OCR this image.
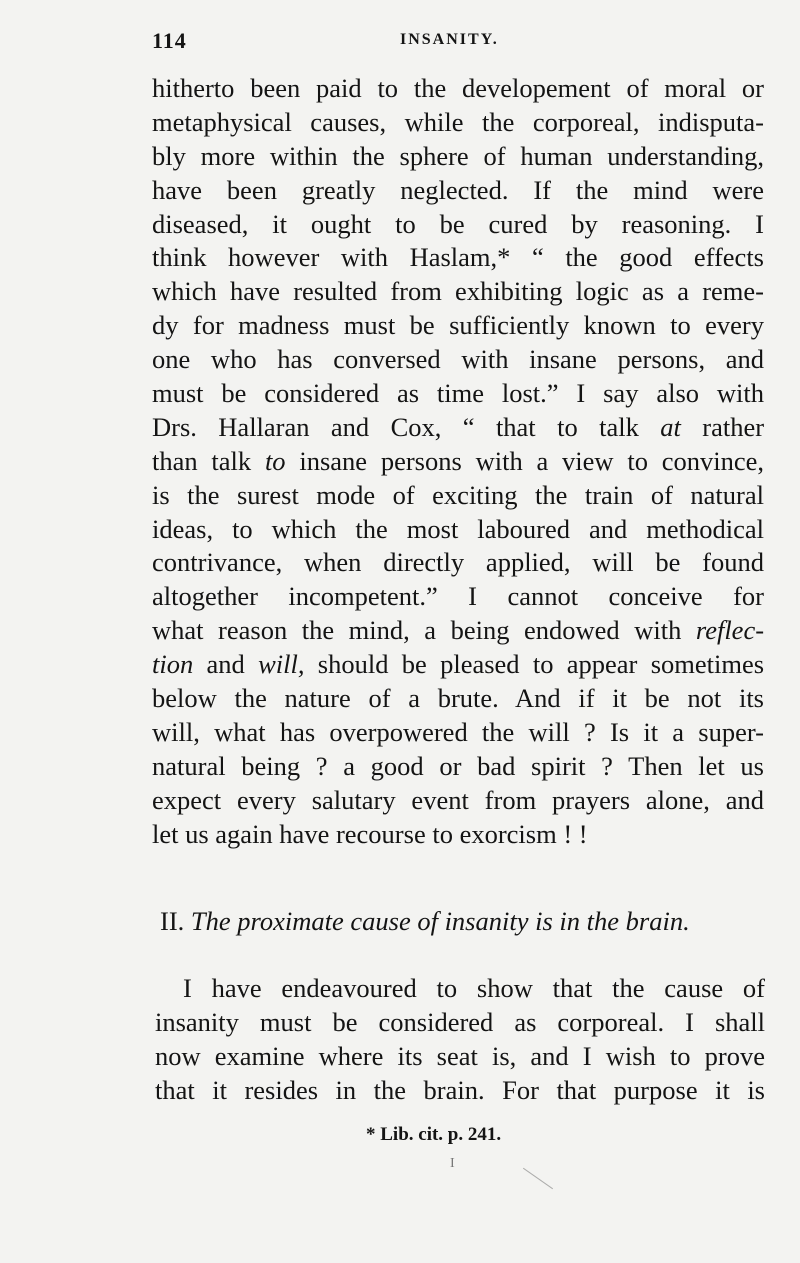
114	INSANITY.
hitherto been paid to the developement of moral or
metaphysical causes, while the corporeal, indisputa-
bly more within the sphere of human understanding,
have been greatly neglected. If the mind were
diseased, it ought to be cured by reasoning. I
think however with Haslam,* “ the good effects
which have resulted from exhibiting logic as a reme-
dy for madness must be sufficiently known to every
one who has conversed with insane persons, and
must be considered as time lost.” I say also with
Drs. Hallaran and Cox, “ that to talk at rather
than talk to insane persons with a view to convince,
is the surest mode of exciting the train of natural
ideas, to which the most laboured and methodical
contrivance, when directly applied, will be found
altogether incompetent.” I cannot conceive for
what reason the mind, a being endowed with reflec-
tion and will, should be pleased to appear sometimes
below the nature of a brute. And if it be not its
will, what has overpowered the will ? Is it a super-
natural being ? a good or bad spirit ? Then let us
expect every salutary event from prayers alone, and
let us again have recourse to exorcism ! !
II. The proximate cause of insanity is in the brain.
I have endeavoured to show that the cause of
insanity must be considered as corporeal. I shall
now examine where its seat is, and I wish to prove
that it resides in the brain. For that purpose it is
* Lib. cit. p. 241.
I
